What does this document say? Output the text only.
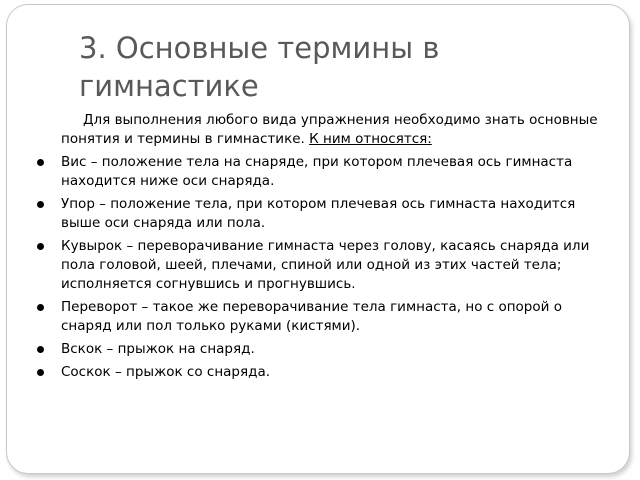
3. Основные термины в гимнастике

Для выполнения любого вида упражнения необходимо знать основные понятия и термины в гимнастике. К ним относятся:

Вис – положение тела на снаряде, при котором плечевая ось гимнаста находится ниже оси снаряда.
Упор – положение тела, при котором плечевая ось гимнаста находится выше оси снаряда или пола.
Кувырок – переворачивание гимнаста через голову, касаясь снаряда или пола головой, шеей, плечами, спиной или одной из этих частей тела; исполняется согнувшись и прогнувшись.
Переворот – такое же переворачивание тела гимнаста, но с опорой о снаряд или пол только руками (кистями).
Вскок – прыжок на снаряд.
Соскок – прыжок со снаряда.
